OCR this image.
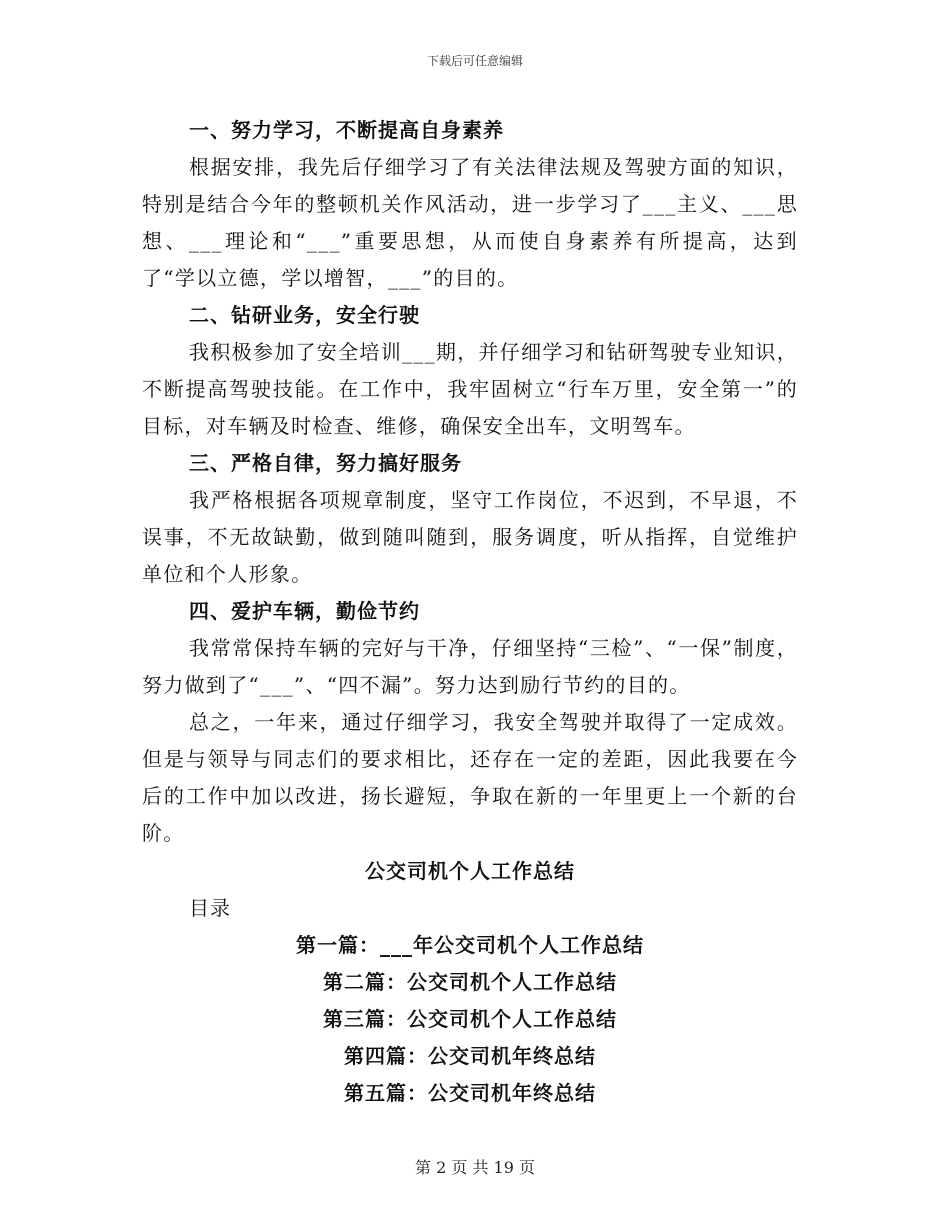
下载后可任意编辑
一、努力学习，不断提高自身素养

根据安排，我先后仔细学习了有关法律法规及驾驶方面的知识，特别是结合今年的整顿机关作风活动，进一步学习了___主义、___思想、___理论和“___”重要思想，从而使自身素养有所提高，达到了“学以立德，学以增智，___”的目的。

二、钻研业务，安全行驶

我积极参加了安全培训___期，并仔细学习和钻研驾驶专业知识，不断提高驾驶技能。在工作中，我牢固树立“行车万里，安全第一”的目标，对车辆及时检查、维修，确保安全出车，文明驾车。

三、严格自律，努力搞好服务

我严格根据各项规章制度，坚守工作岗位，不迟到，不早退，不误事，不无故缺勤，做到随叫随到，服务调度，听从指挥，自觉维护单位和个人形象。

四、爱护车辆，勤俭节约

我常常保持车辆的完好与干净，仔细坚持“三检”、“一保”制度，努力做到了“___”、“四不漏”。努力达到励行节约的目的。

总之，一年来，通过仔细学习，我安全驾驶并取得了一定成效。但是与领导与同志们的要求相比，还存在一定的差距，因此我要在今后的工作中加以改进，扬长避短，争取在新的一年里更上一个新的台阶。

公交司机个人工作总结
目录
第一篇：___年公交司机个人工作总结
第二篇：公交司机个人工作总结
第三篇：公交司机个人工作总结
第四篇：公交司机年终总结
第五篇：公交司机年终总结
第 2 页 共 19 页
